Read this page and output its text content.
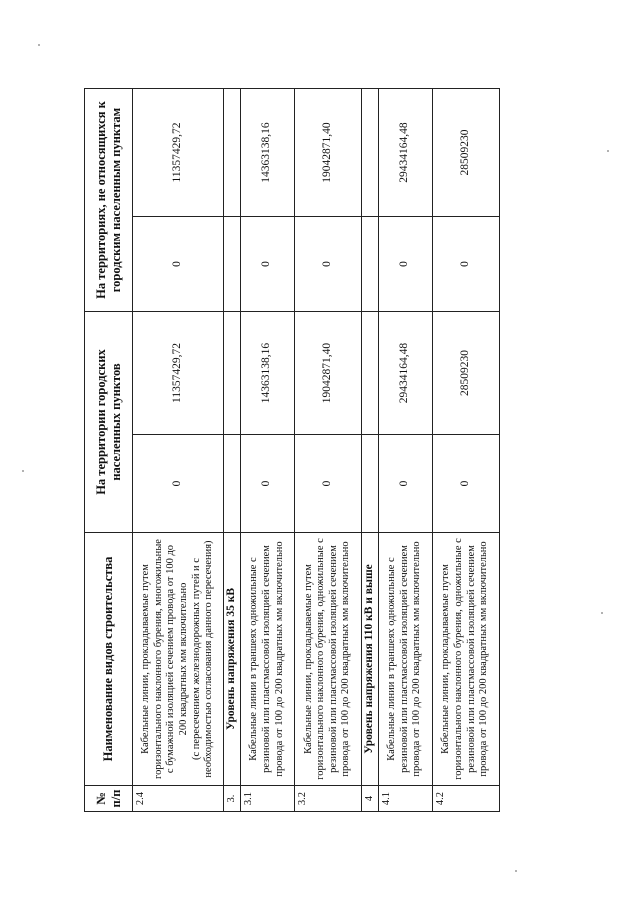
№ п/п	Наименование видов строительства	На территории городских населенных пунктов		На территориях, не относящихся к городским населенным пунктам	
2.4	Кабельные линии, прокладываемые путем горизонтального наклонного бурения, многожильные с бумажной изоляцией сечением провода от 100 до 200 квадратных мм включительно (с пересечением железнодорожных путей и с необходимостью согласования данного пересечения)	0	11357429,72	0	11357429,72
3.	Уровень напряжения 35 кВ				
3.1	Кабельные линии в траншеях одножильные с резиновой или пластмассовой изоляцией сечением провода от 100 до 200 квадратных мм включительно	0	14363138,16	0	14363138,16
3.2	Кабельные линии, прокладываемые путем горизонтального наклонного бурения, одножильные с резиновой или пластмассовой изоляцией сечением провода от 100 до 200 квадратных мм включительно	0	19042871,40	0	19042871,40
4	Уровень напряжения 110 кВ и выше				
4.1	Кабельные линии в траншеях одножильные с резиновой или пластмассовой изоляцией сечением провода от 100 до 200 квадратных мм включительно	0	29434164,48	0	29434164,48
4.2	Кабельные линии, прокладываемые путем горизонтального наклонного бурения, одножильные с резиновой или пластмассовой изоляцией сечением провода от 100 до 200 квадратных мм включительно	0	28509230	0	28509230
